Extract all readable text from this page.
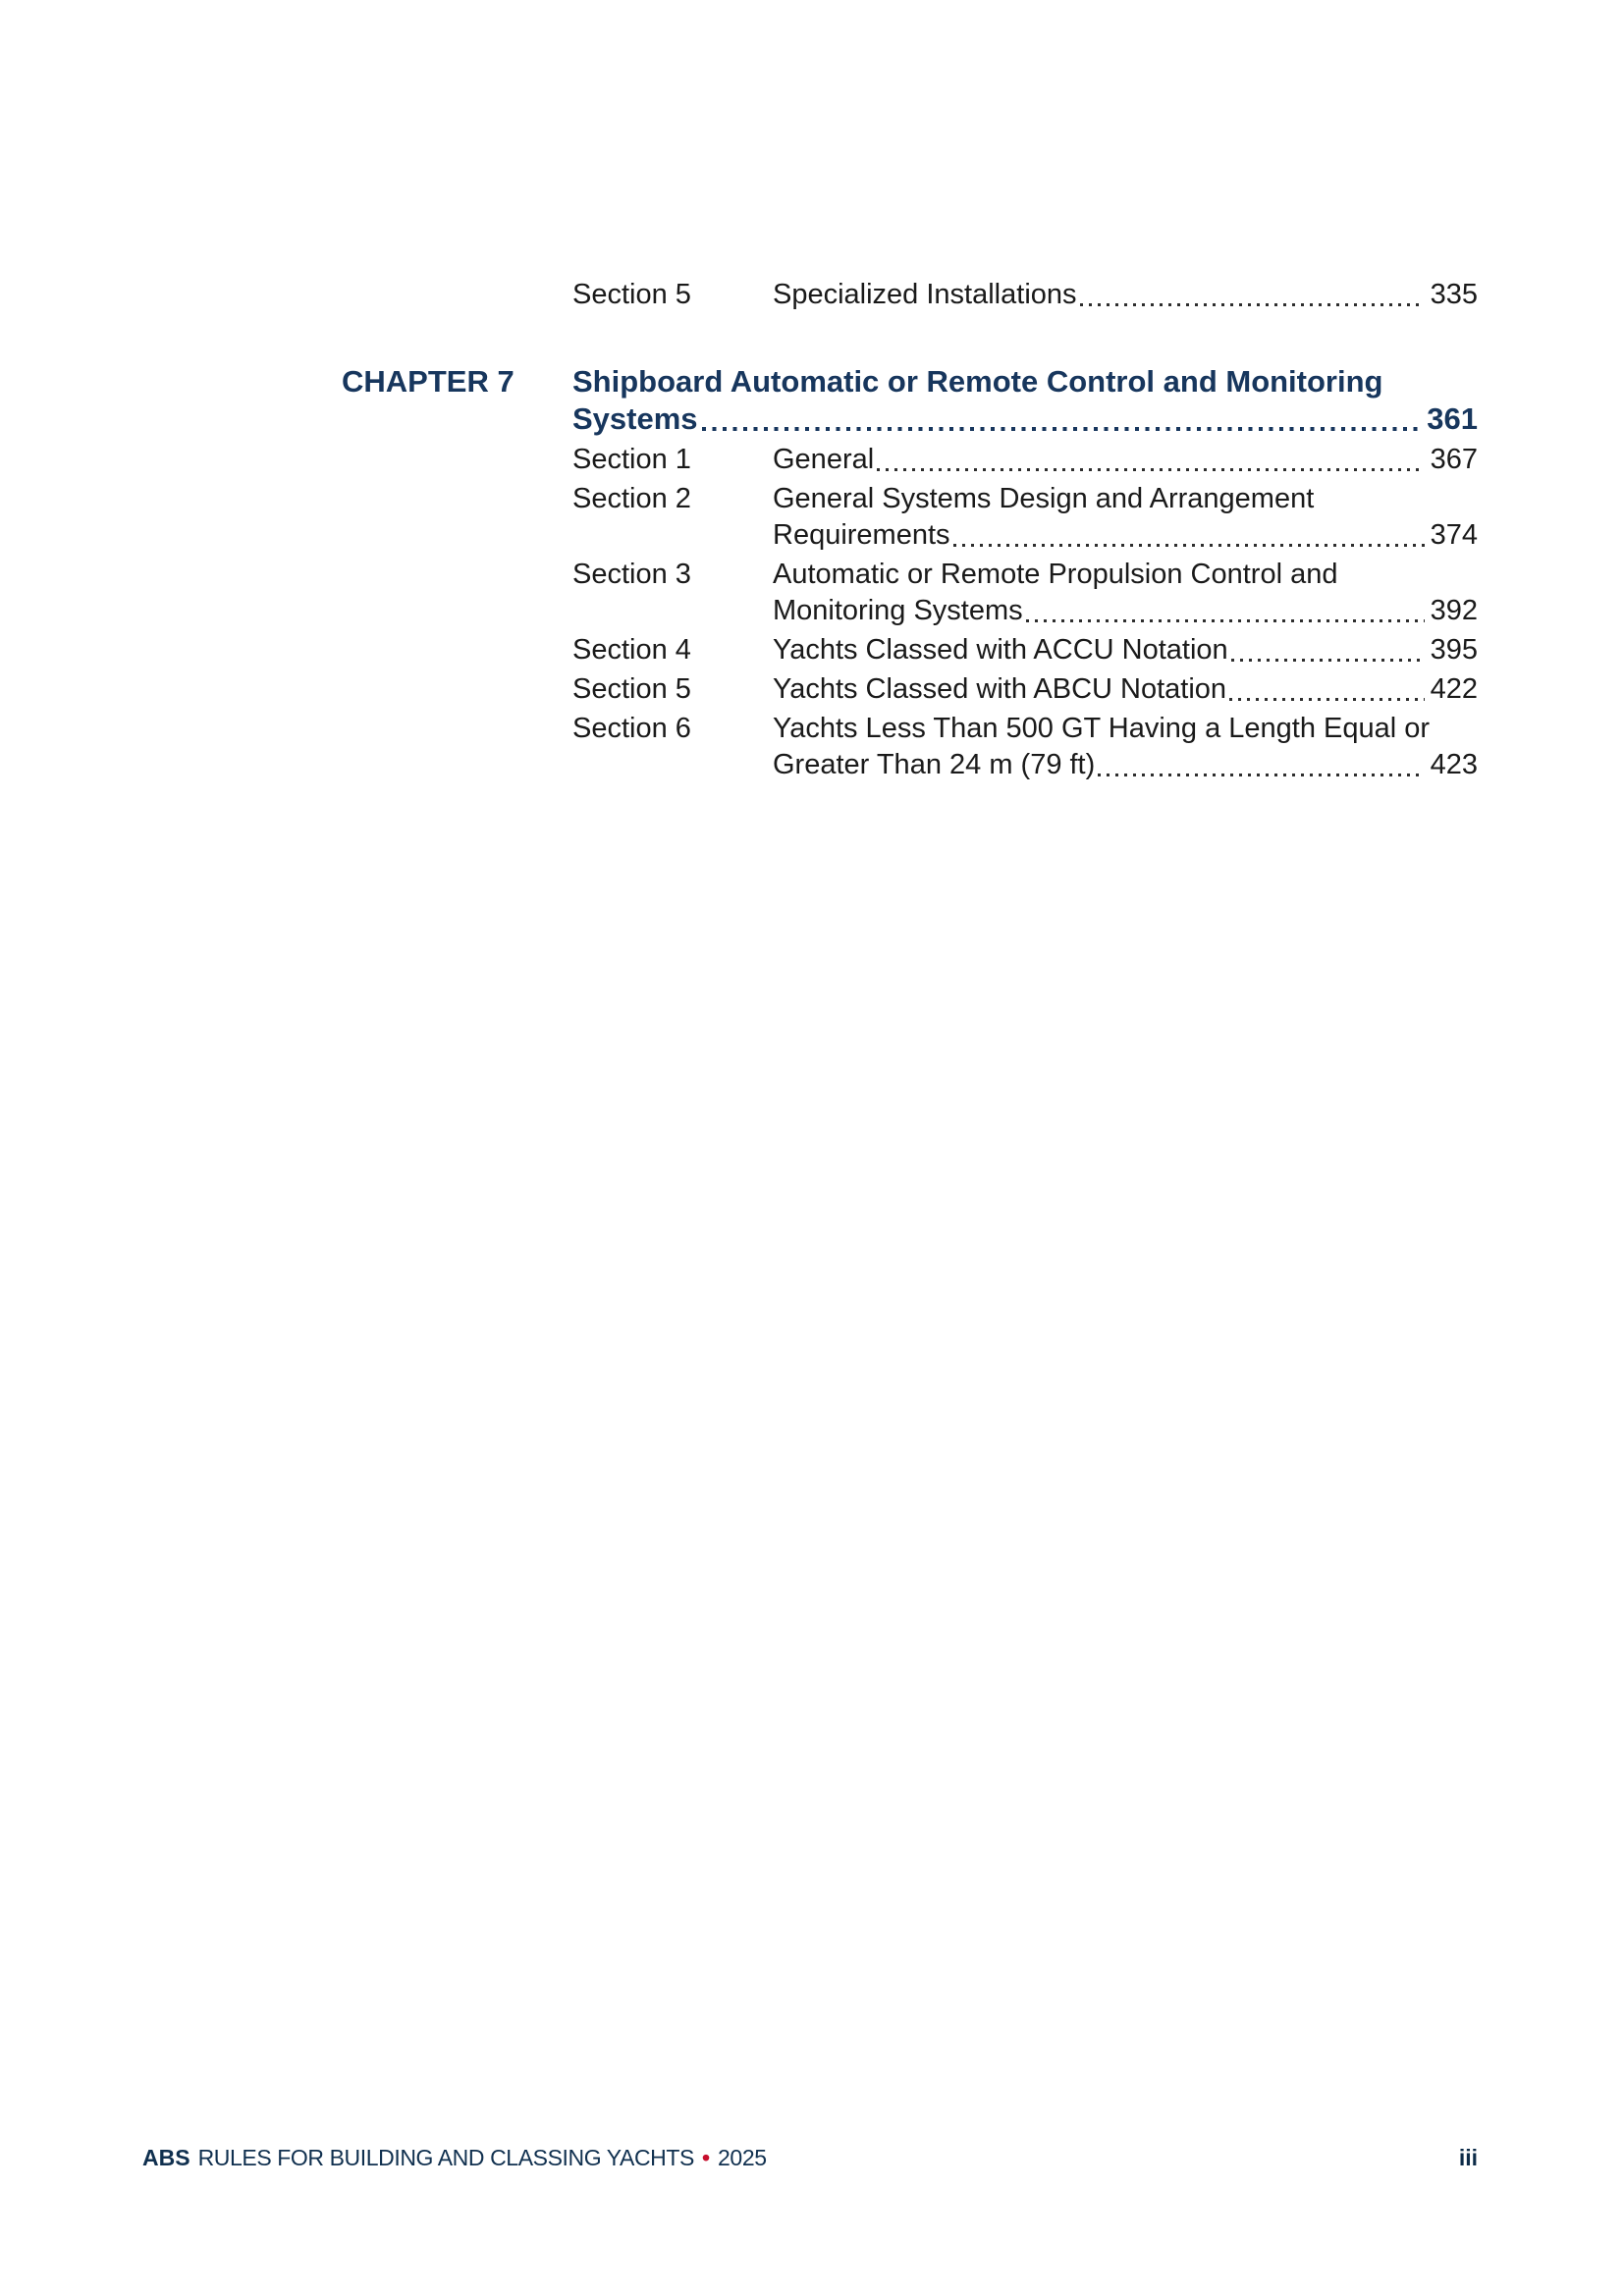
Section 5	Specialized Installations	335
CHAPTER 7	Shipboard Automatic or Remote Control and Monitoring
Systems	361
Section 1	General	367
Section 2	General Systems Design and Arrangement
Requirements	374
Section 3	Automatic or Remote Propulsion Control and
Monitoring Systems	392
Section 4	Yachts Classed with ACCU Notation	395
Section 5	Yachts Classed with ABCU Notation	422
Section 6	Yachts Less Than 500 GT Having a Length Equal or
Greater Than 24 m (79 ft)	423
ABS RULES FOR BUILDING AND CLASSING YACHTS • 2025	iii
